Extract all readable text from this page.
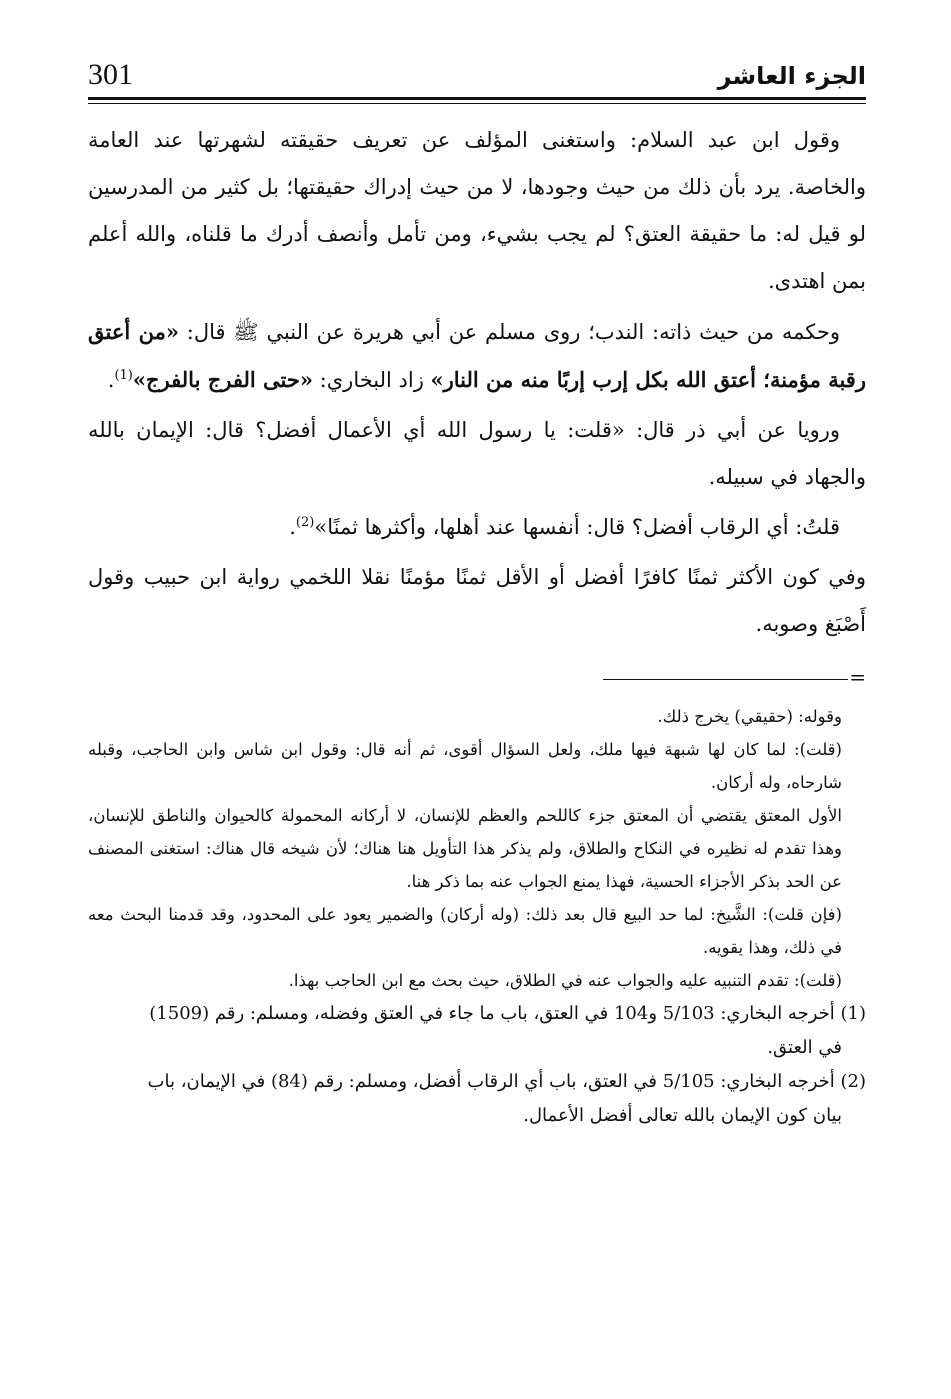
301	الجزء العاشر

وقول ابن عبد السلام: واستغنى المؤلف عن تعريف حقيقته لشهرتها عند العامة والخاصة. يرد بأن ذلك من حيث وجودها، لا من حيث إدراك حقيقتها؛ بل كثير من المدرسين لو قيل له: ما حقيقة العتق؟ لم يجب بشيء، ومن تأمل وأنصف أدرك ما قلناه، والله أعلم بمن اهتدى.

وحكمه من حيث ذاته: الندب؛ روى مسلم عن أبي هريرة عن النبي ﷺ قال: «من أعتق رقبة مؤمنة؛ أعتق الله بكل إرب إربًا منه من النار» زاد البخاري: «حتى الفرج بالفرج»$^{(1)}$.

ورويا عن أبي ذر قال: «قلت: يا رسول الله أي الأعمال أفضل؟ قال: الإيمان بالله والجهاد في سبيله.

قلتُ: أي الرقاب أفضل؟ قال: أنفسها عند أهلها، وأكثرها ثمنًا»$^{(2)}$.

وفي كون الأكثر ثمنًا كافرًا أفضل أو الأقل ثمنًا مؤمنًا نقلا اللخمي رواية ابن حبيب وقول أَصْبَغ وصوبه.

=

وقوله: (حقيقي) يخرج ذلك.

(قلت): لما كان لها شبهة فيها ملك، ولعل السؤال أقوى، ثم أنه قال: وقول ابن شاس وابن الحاجب، وقبله شارحاه، وله أركان.

الأول المعتق يقتضي أن المعتق جزء كاللحم والعظم للإنسان، لا أركانه المحمولة كالحيوان والناطق للإنسان، وهذا تقدم له نظيره في النكاح والطلاق، ولم يذكر هذا التأويل هنا هناك؛ لأن شيخه قال هناك: استغنى المصنف عن الحد بذكر الأجزاء الحسية، فهذا يمنع الجواب عنه بما ذكر هنا.

(فإن قلت): الشَّيخ: لما حد البيع قال بعد ذلك: (وله أركان) والضمير يعود على المحدود، وقد قدمنا البحث معه في ذلك، وهذا يقويه.

(قلت): تقدم التنبيه عليه والجواب عنه في الطلاق، حيث بحث مع ابن الحاجب بهذا.

(1) أخرجه البخاري: 5/103 و104 في العتق، باب ما جاء في العتق وفضله، ومسلم: رقم (1509)

في العتق.

(2) أخرجه البخاري: 5/105 في العتق، باب أي الرقاب أفضل، ومسلم: رقم (84) في الإيمان، باب

بيان كون الإيمان بالله تعالى أفضل الأعمال.
